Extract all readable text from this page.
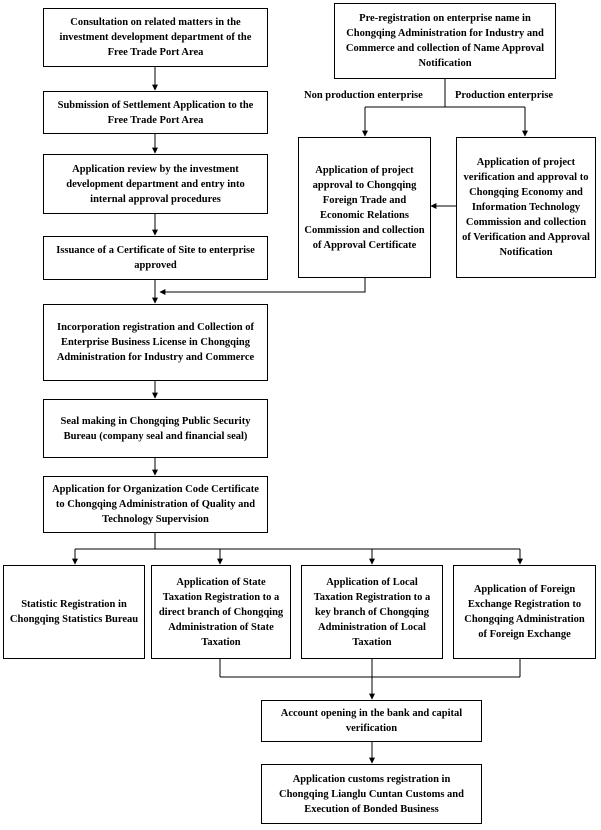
Consultation on related matters in the investment development department of the Free Trade Port Area
Pre-registration on enterprise name in Chongqing Administration for Industry and Commerce and collection of Name Approval Notification
Submission of Settlement Application to the Free Trade Port Area
Non production enterprise	Production enterprise
Application review by the investment development department and entry into internal approval procedures
Application of project approval to Chongqing Foreign Trade and Economic Relations Commission and collection of Approval Certificate
Application of project verification and approval to Chongqing Economy and Information Technology Commission and collection of Verification and Approval Notification
Issuance of a Certificate of Site to enterprise approved
Incorporation registration and Collection of Enterprise Business License in Chongqing Administration for Industry and Commerce
Seal making in Chongqing Public Security Bureau (company seal and financial seal)
Application for Organization Code Certificate to Chongqing Administration of Quality and Technology Supervision
Statistic Registration in Chongqing Statistics Bureau
Application of State Taxation Registration to a direct branch of Chongqing Administration of State Taxation
Application of Local Taxation Registration to a key branch of Chongqing Administration of Local Taxation
Application of Foreign Exchange Registration to Chongqing Administration of Foreign Exchange
Account opening in the bank and capital verification
Application customs registration in Chongqing Lianglu Cuntan Customs and Execution of Bonded Business
